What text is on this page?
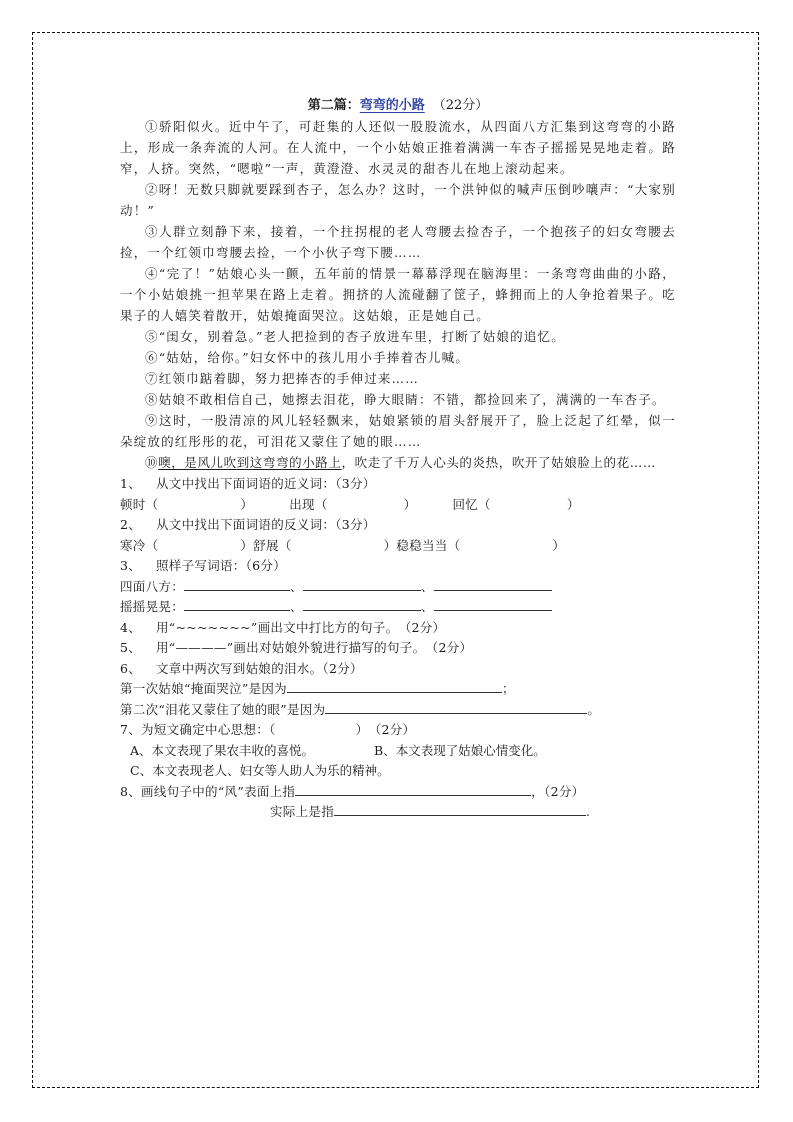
第二篇：弯弯的小路 （22分）

①骄阳似火。近中午了，可赶集的人还似一股股流水，从四面八方汇集到这弯弯的小路上，形成一条奔流的人河。在人流中，一个小姑娘正推着满满一车杏子摇摇晃晃地走着。路窄，人挤。突然，“嗯啦”一声，黄澄澄、水灵灵的甜杏儿在地上滚动起来。

②呀！无数只脚就要踩到杏子，怎么办？这时，一个洪钟似的喊声压倒吵嚷声：“大家别动！”

③人群立刻静下来，接着，一个拄拐棍的老人弯腰去捡杏子，一个抱孩子的妇女弯腰去捡，一个红领巾弯腰去捡，一个小伙子弯下腰……

④“完了！”姑娘心头一颤，五年前的情景一幕幕浮现在脑海里：一条弯弯曲曲的小路，一个小姑娘挑一担苹果在路上走着。拥挤的人流碰翻了筐子，蜂拥而上的人争抢着果子。吃果子的人嬉笑着散开，姑娘掩面哭泣。这姑娘，正是她自己。

⑤“闺女，别着急。”老人把捡到的杏子放进车里，打断了姑娘的追忆。

⑥“姑姑，给你。”妇女怀中的孩儿用小手捧着杏儿喊。

⑦红领巾踮着脚，努力把捧杏的手伸过来……

⑧姑娘不敢相信自己，她擦去泪花，睁大眼睛：不错，都捡回来了，满满的一车杏子。

⑨这时，一股清凉的风儿轻轻飘来，姑娘紧锁的眉头舒展开了，脸上泛起了红晕，似一朵绽放的红彤彤的花，可泪花又蒙住了她的眼……

⑩噢，是风儿吹到这弯弯的小路上，吹走了千万人心头的炎热，吹开了姑娘脸上的花……

1、 从文中找出下面词语的近义词：（3分）

顿时（	）	出现（	）	回忆（	）

2、 从文中找出下面词语的反义词：（3分）

寒冷（	）舒展（	）稳稳当当（	）

3、 照样子写词语：（6分）

四面八方：	、	、

摇摇晃晃：	、	、

4、 用“~~~~~~~”画出文中打比方的句子。　（2分）

5、 用“————”画出对姑娘外貌进行描写的句子。　（2分）

6、 文章中两次写到姑娘的泪水。（2分）

第一次姑娘“掩面哭泣”是因为	；

第二次“泪花又蒙住了她的眼”是因为	。

7、为短文确定中心思想：（	）　（2分）

A、本文表现了果农丰收的喜悦。	B、本文表现了姑娘心情变化。

C、本文表现老人、妇女等人助人为乐的精神。

8、画线句子中的“风”表面上指	，（2分）

实际上是指	.
